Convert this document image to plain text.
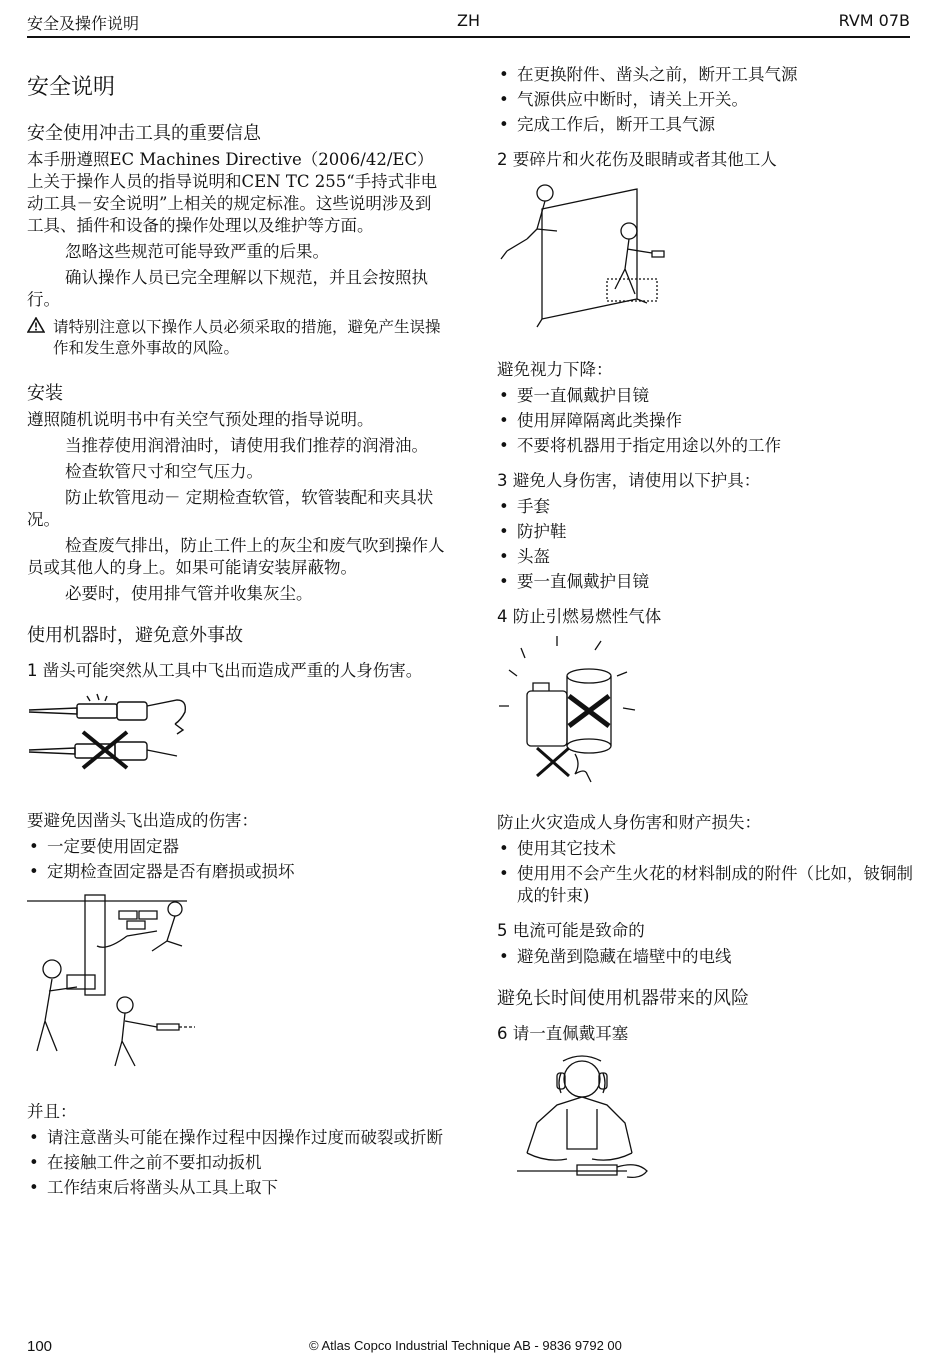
安全及操作说明	ZH	RVM 07B
安全说明
安全使用冲击工具的重要信息

本手册遵照EC Machines Directive（2006/42/EC）上关于操作人员的指导说明和CEN TC 255“手持式非电动工具－安全说明”上相关的规定标准。这些说明涉及到工具、插件和设备的操作处理以及维护等方面。

忽略这些规范可能导致严重的后果。

确认操作人员已完全理解以下规范，并且会按照执行。

请特别注意以下操作人员必须采取的措施，避免产生误操作和发生意外事故的风险。
安装

遵照随机说明书中有关空气预处理的指导说明。

当推荐使用润滑油时，请使用我们推荐的润滑油。

检查软管尺寸和空气压力。

防止软管甩动－ 定期检查软管，软管装配和夹具状况。

检查废气排出，防止工件上的灰尘和废气吹到操作人员或其他人的身上。如果可能请安装屏蔽物。

必要时，使用排气管并收集灰尘。

使用机器时，避免意外事故
1 凿头可能突然从工具中飞出而造成严重的人身伤害。

要避免因凿头飞出造成的伤害：

• 一定要使用固定器
• 定期检查固定器是否有磨损或损坏

并且：

• 请注意凿头可能在操作过程中因操作过度而破裂或折断
• 在接触工件之前不要扣动扳机
• 工作结束后将凿头从工具上取下
• 在更换附件、凿头之前，断开工具气源
• 气源供应中断时，请关上开关。
• 完成工作后，断开工具气源
2 要碎片和火花伤及眼睛或者其他工人

避免视力下降：

• 要一直佩戴护目镜
• 使用屏障隔离此类操作
• 不要将机器用于指定用途以外的工作
3 避免人身伤害，请使用以下护具：
• 手套
• 防护鞋
• 头盔
• 要一直佩戴护目镜
4 防止引燃易燃性气体

防止火灾造成人身伤害和财产损失：

• 使用其它技术
• 使用用不会产生火花的材料制成的附件（比如，铍铜制成的针束)
5 电流可能是致命的
• 避免凿到隐藏在墙壁中的电线
避免长时间使用机器带来的风险
6 请一直佩戴耳塞
100	© Atlas Copco Industrial Technique AB - 9836 9792 00
